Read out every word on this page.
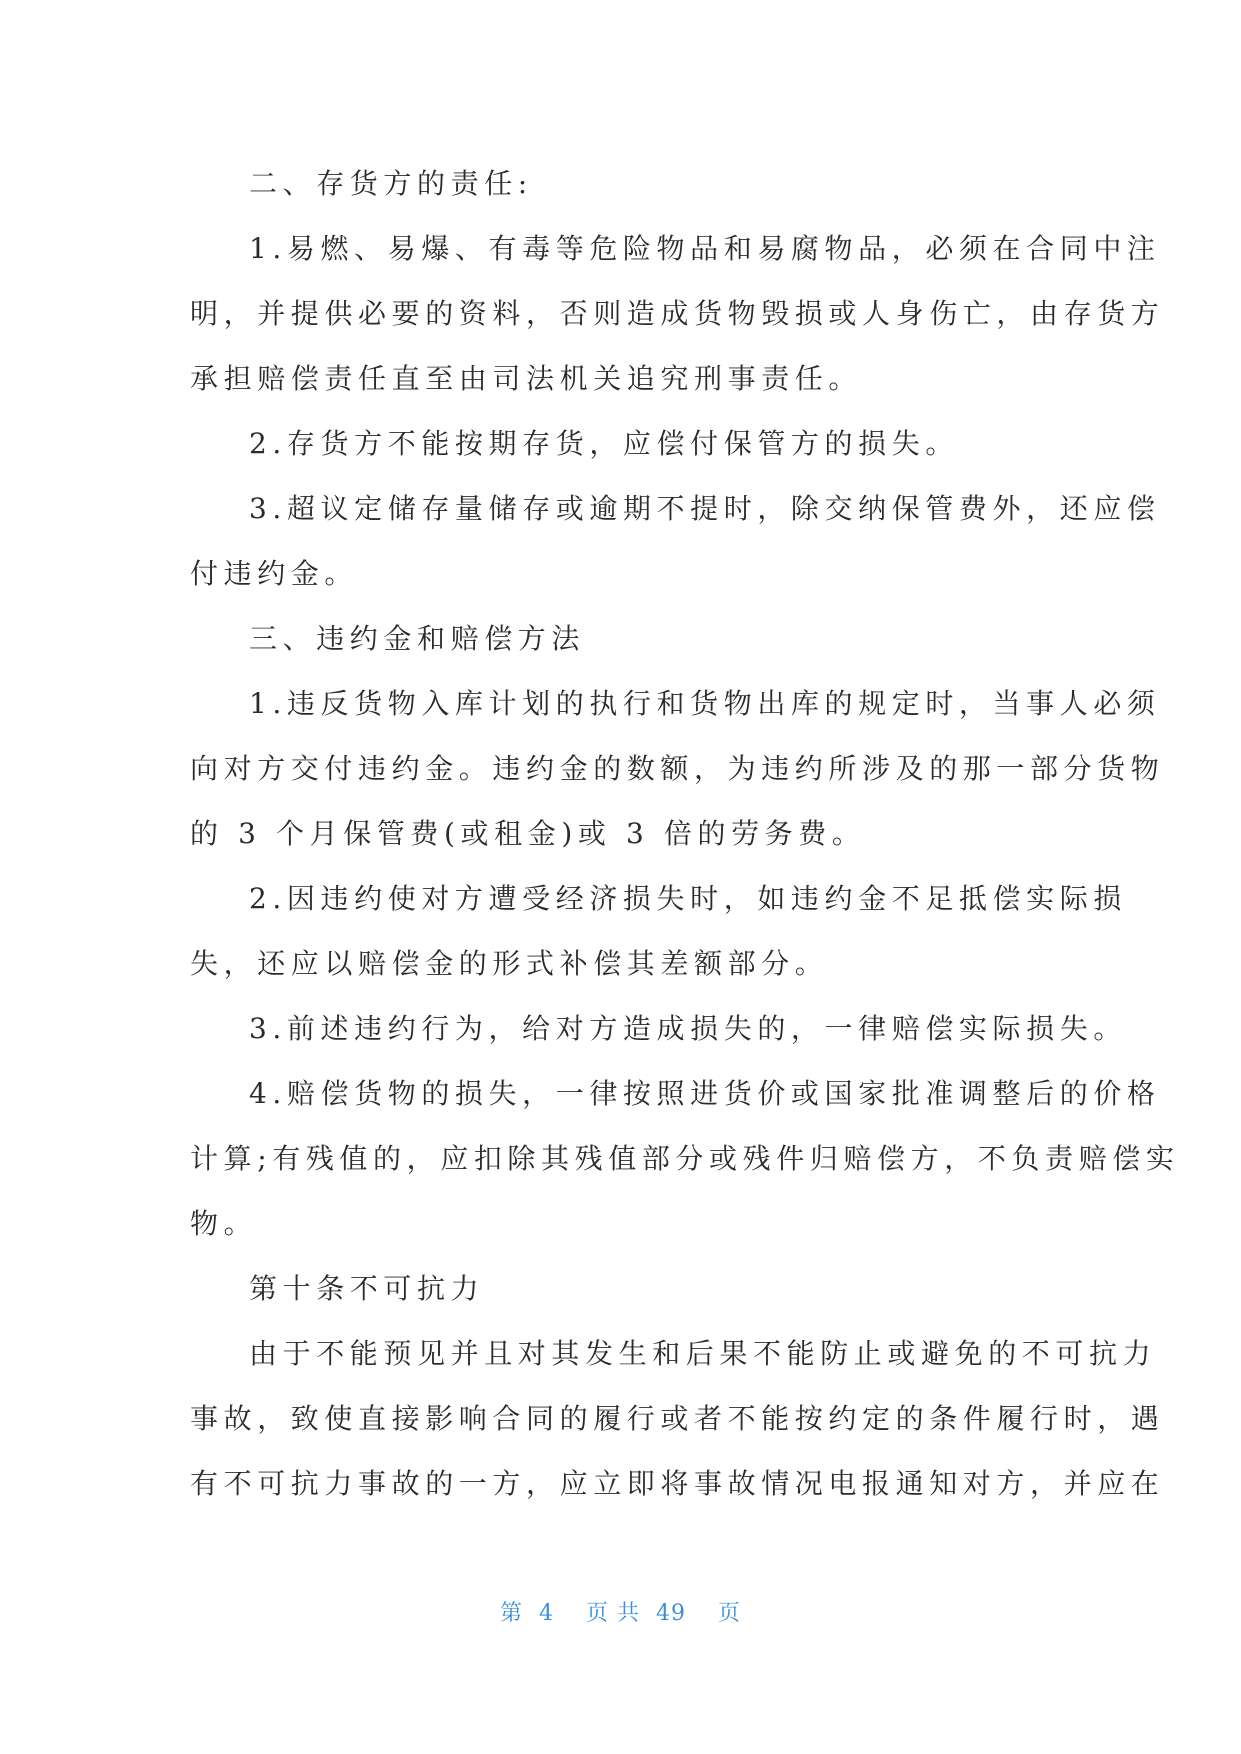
二、存货方的责任:
1.易燃、易爆、有毒等危险物品和易腐物品，必须在合同中注
明，并提供必要的资料，否则造成货物毁损或人身伤亡，由存货方
承担赔偿责任直至由司法机关追究刑事责任。
2.存货方不能按期存货，应偿付保管方的损失。
3.超议定储存量储存或逾期不提时，除交纳保管费外，还应偿
付违约金。
三、违约金和赔偿方法
1.违反货物入库计划的执行和货物出库的规定时，当事人必须
向对方交付违约金。违约金的数额，为违约所涉及的那一部分货物
的 3 个月保管费(或租金)或 3 倍的劳务费。
2.因违约使对方遭受经济损失时，如违约金不足抵偿实际损
失，还应以赔偿金的形式补偿其差额部分。
3.前述违约行为，给对方造成损失的，一律赔偿实际损失。
4.赔偿货物的损失，一律按照进货价或国家批准调整后的价格
计算;有残值的，应扣除其残值部分或残件归赔偿方，不负责赔偿实
物。
第十条不可抗力
由于不能预见并且对其发生和后果不能防止或避免的不可抗力
事故，致使直接影响合同的履行或者不能按约定的条件履行时，遇
有不可抗力事故的一方，应立即将事故情况电报通知对方，并应在
第  4    页 共  49    页
